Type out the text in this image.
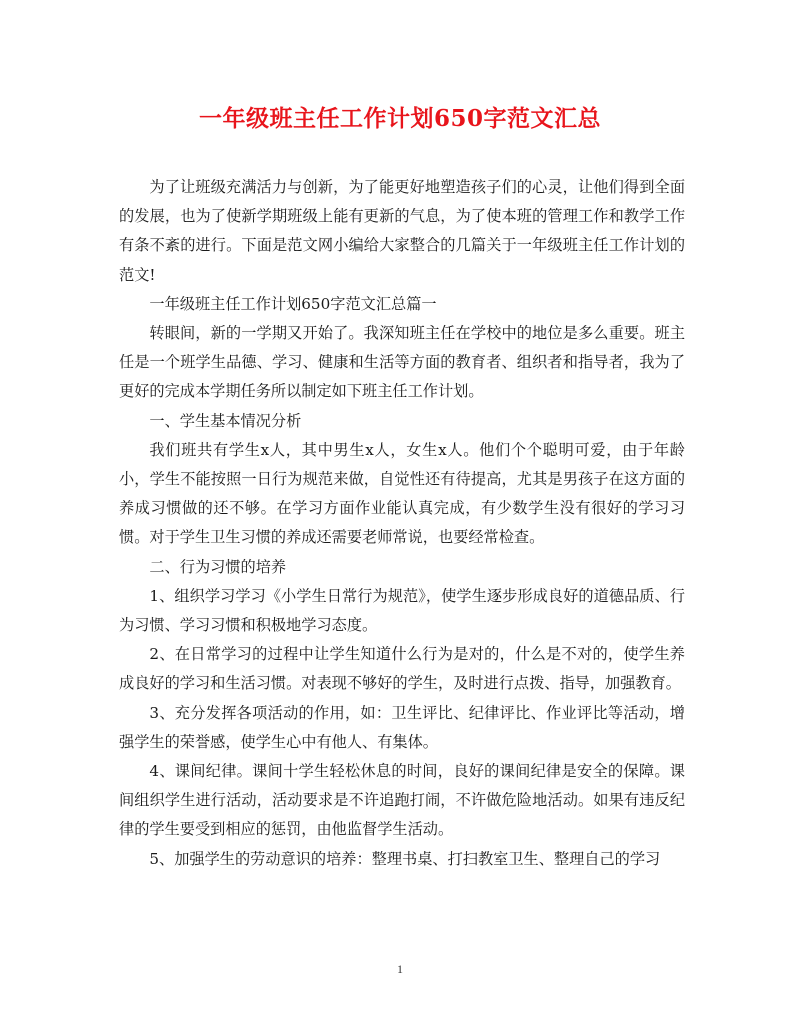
一年级班主任工作计划650字范文汇总

为了让班级充满活力与创新，为了能更好地塑造孩子们的心灵，让他们得到全面的发展，也为了使新学期班级上能有更新的气息，为了使本班的管理工作和教学工作有条不紊的进行。下面是范文网小编给大家整合的几篇关于一年级班主任工作计划的范文!

一年级班主任工作计划650字范文汇总篇一

转眼间，新的一学期又开始了。我深知班主任在学校中的地位是多么重要。班主任是一个班学生品德、学习、健康和生活等方面的教育者、组织者和指导者，我为了更好的完成本学期任务所以制定如下班主任工作计划。

一、学生基本情况分析

我们班共有学生x人，其中男生x人，女生x人。他们个个聪明可爱，由于年龄小，学生不能按照一日行为规范来做，自觉性还有待提高，尤其是男孩子在这方面的养成习惯做的还不够。在学习方面作业能认真完成，有少数学生没有很好的学习习惯。对于学生卫生习惯的养成还需要老师常说，也要经常检查。

二、行为习惯的培养

1、组织学习学习《小学生日常行为规范》，使学生逐步形成良好的道德品质、行为习惯、学习习惯和积极地学习态度。

2、在日常学习的过程中让学生知道什么行为是对的，什么是不对的，使学生养成良好的学习和生活习惯。对表现不够好的学生，及时进行点拨、指导，加强教育。

3、充分发挥各项活动的作用，如：卫生评比、纪律评比、作业评比等活动，增强学生的荣誉感，使学生心中有他人、有集体。

4、课间纪律。课间十学生轻松休息的时间，良好的课间纪律是安全的保障。课间组织学生进行活动，活动要求是不许追跑打闹，不许做危险地活动。如果有违反纪律的学生要受到相应的惩罚，由他监督学生活动。

5、加强学生的劳动意识的培养：整理书桌、打扫教室卫生、整理自己的学习

1
